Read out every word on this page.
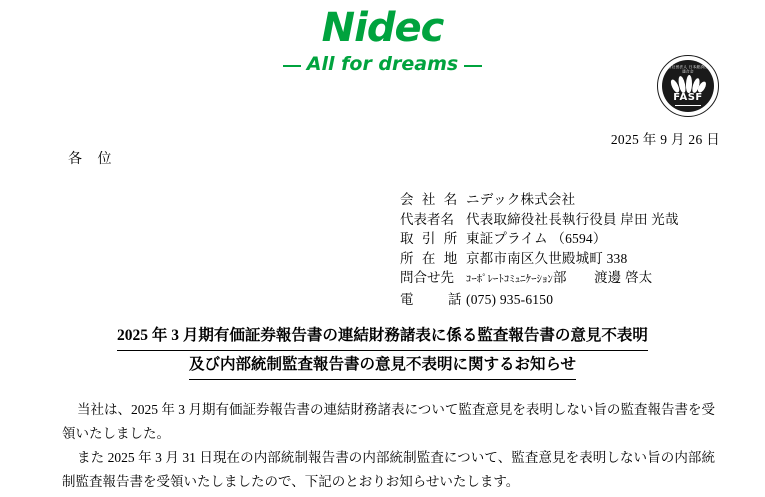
Nidec
All for dreams	一般社団法人 日本経済団体連合会
FASF
2025 年 9 月 26 日
各 位
会 社 名 ニデック株式会社
代表者名 代表取締役社長執行役員 岸田 光哉
取 引 所 東証プライム （6594）
所 在 地 京都市南区久世殿城町 338
問合せ先 ｺｰﾎﾟﾚｰﾄｺﾐｭﾆｹｰｼｮﾝ部　　渡邊 啓太
電　　話 (075) 935-6150
2025 年 3 月期有価証券報告書の連結財務諸表に係る監査報告書の意見不表明
及び内部統制監査報告書の意見不表明に関するお知らせ

当社は、2025 年 3 月期有価証券報告書の連結財務諸表について監査意見を表明しない旨の監査報告書を受領いたしました。

また 2025 年 3 月 31 日現在の内部統制報告書の内部統制監査について、監査意見を表明しない旨の内部統制監査報告書を受領いたしましたので、下記のとおりお知らせいたします。
